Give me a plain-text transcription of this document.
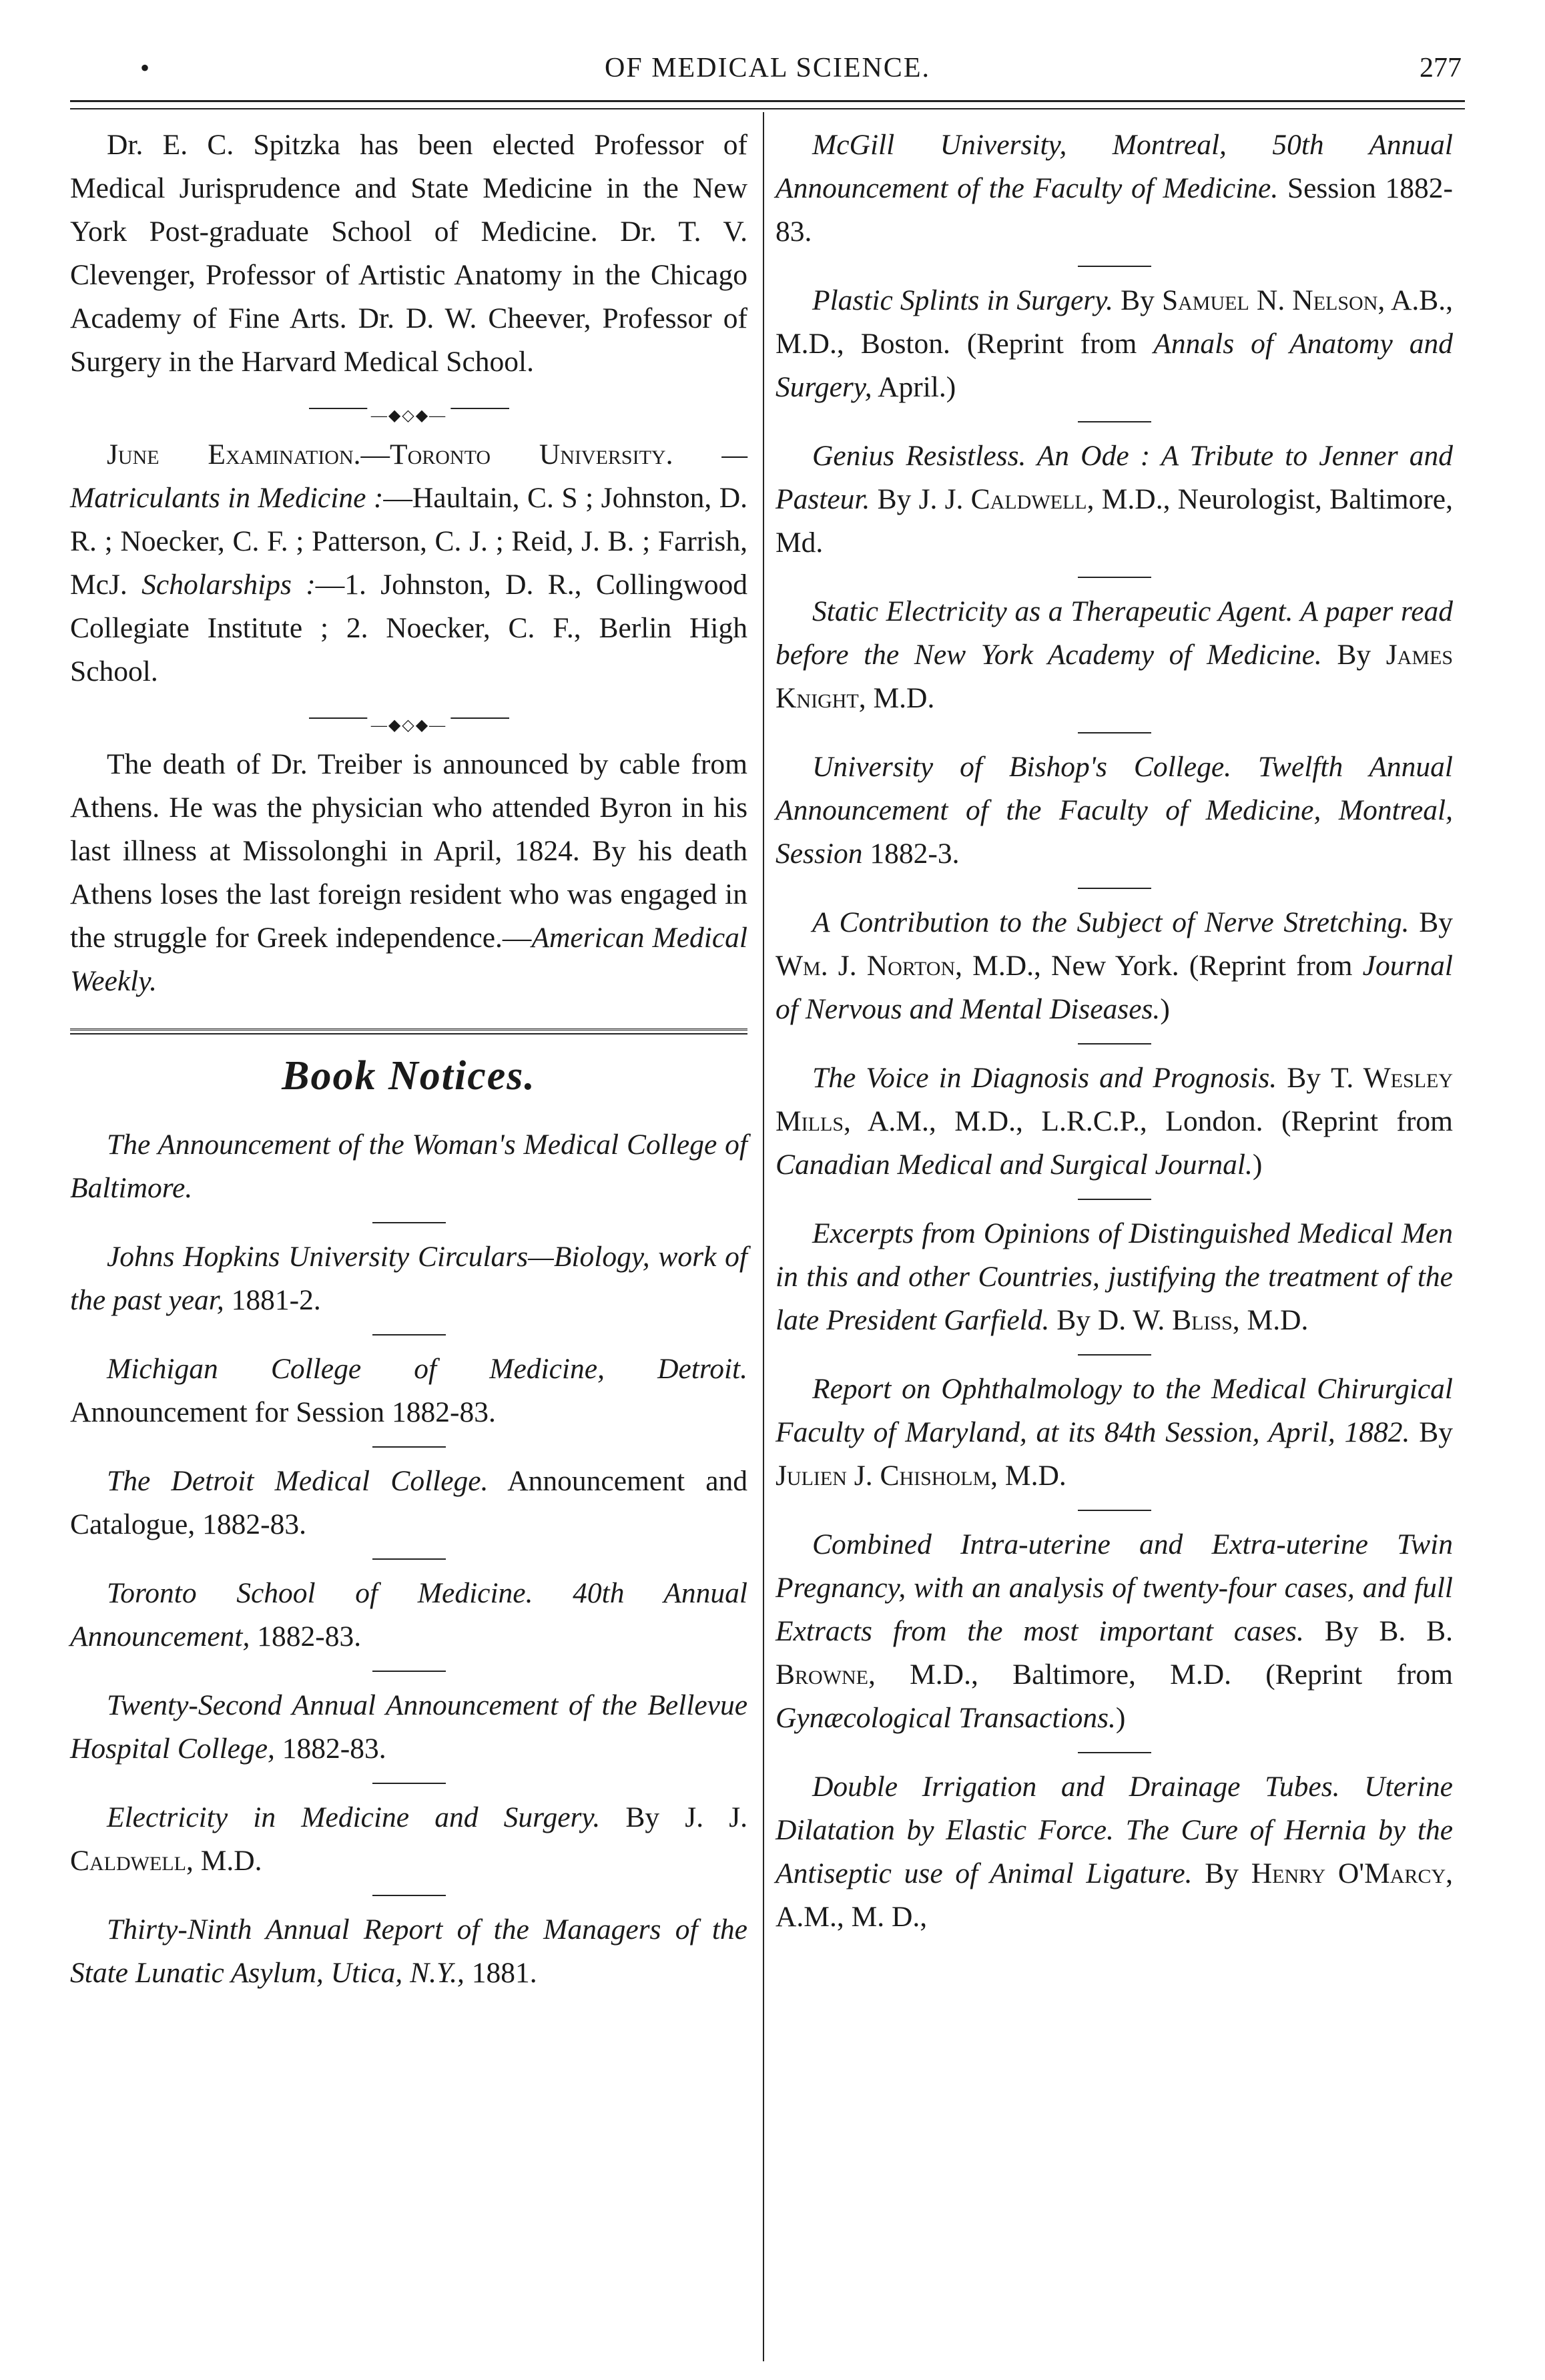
•	OF MEDICAL SCIENCE.	277

Dr. E. C. Spitzka has been elected Professor of Medical Jurisprudence and State Medicine in the New York Post-graduate School of Medicine. Dr. T. V. Clevenger, Professor of Artistic Anatomy in the Chicago Academy of Fine Arts. Dr. D. W. Cheever, Professor of Surgery in the Harvard Medical School.

—◆◇◆—

June Examination.—Toronto University. —Matriculants in Medicine :—Haultain, C. S ; Johnston, D. R. ; Noecker, C. F. ; Patterson, C. J. ; Reid, J. B. ; Farrish, McJ. Scholarships :—1. Johnston, D. R., Collingwood Collegiate Institute ; 2. Noecker, C. F., Berlin High School.

—◆◇◆—

The death of Dr. Treiber is announced by cable from Athens. He was the physician who attended Byron in his last illness at Missolonghi in April, 1824. By his death Athens loses the last foreign resident who was engaged in the struggle for Greek independence.—American Medical Weekly.

Book Notices.

The Announcement of the Woman's Medical College of Baltimore.

Johns Hopkins University Circulars—Biology, work of the past year, 1881-2.

Michigan College of Medicine, Detroit. Announcement for Session 1882-83.

The Detroit Medical College. Announcement and Catalogue, 1882-83.

Toronto School of Medicine. 40th Annual Announcement, 1882-83.

Twenty-Second Annual Announcement of the Bellevue Hospital College, 1882-83.

Electricity in Medicine and Surgery. By J. J. Caldwell, M.D.

Thirty-Ninth Annual Report of the Managers of the State Lunatic Asylum, Utica, N.Y., 1881.

McGill University, Montreal, 50th Annual Announcement of the Faculty of Medicine. Session 1882-83.

Plastic Splints in Surgery. By Samuel N. Nelson, A.B., M.D., Boston. (Reprint from Annals of Anatomy and Surgery, April.)

Genius Resistless. An Ode : A Tribute to Jenner and Pasteur. By J. J. Caldwell, M.D., Neurologist, Baltimore, Md.

Static Electricity as a Therapeutic Agent. A paper read before the New York Academy of Medicine. By James Knight, M.D.

University of Bishop's College. Twelfth Annual Announcement of the Faculty of Medicine, Montreal, Session 1882-3.

A Contribution to the Subject of Nerve Stretching. By Wm. J. Norton, M.D., New York. (Reprint from Journal of Nervous and Mental Diseases.)

The Voice in Diagnosis and Prognosis. By T. Wesley Mills, A.M., M.D., L.R.C.P., London. (Reprint from Canadian Medical and Surgical Journal.)

Excerpts from Opinions of Distinguished Medical Men in this and other Countries, justifying the treatment of the late President Garfield. By D. W. Bliss, M.D.

Report on Ophthalmology to the Medical Chirurgical Faculty of Maryland, at its 84th Session, April, 1882. By Julien J. Chisholm, M.D.

Combined Intra-uterine and Extra-uterine Twin Pregnancy, with an analysis of twenty-four cases, and full Extracts from the most important cases. By B. B. Browne, M.D., Baltimore, M.D. (Reprint from Gynæcological Transactions.)

Double Irrigation and Drainage Tubes. Uterine Dilatation by Elastic Force. The Cure of Hernia by the Antiseptic use of Animal Ligature. By Henry O'Marcy, A.M., M. D.,
